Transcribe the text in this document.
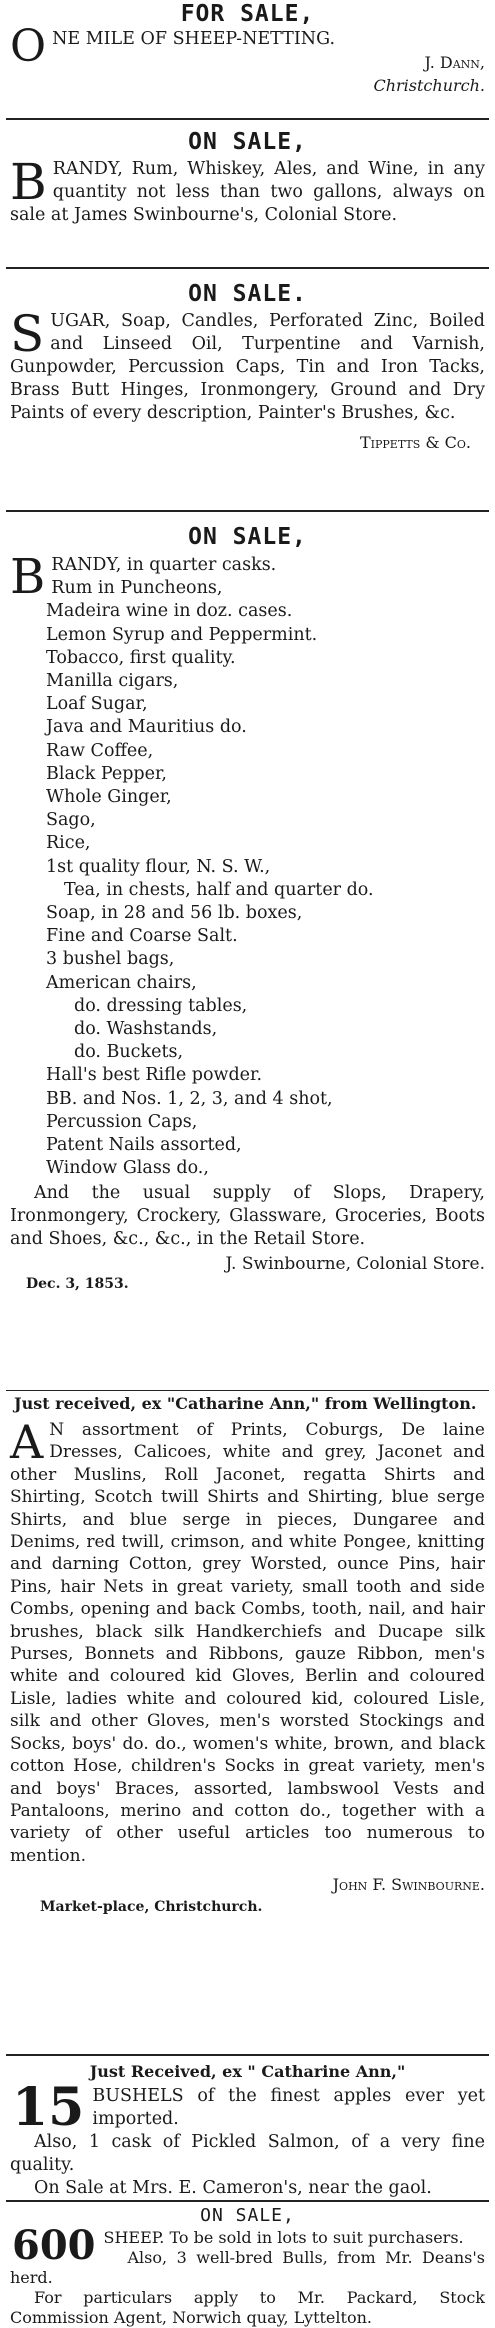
FOR SALE,
O NE MILE OF SHEEP-NETTING.
J. Dann,
Christchurch.
ON SALE,
B RANDY, Rum, Whiskey, Ales, and Wine, in any quantity not less than two gallons, always on sale at James Swinbourne's, Colonial Store.
ON SALE.
S UGAR, Soap, Candles, Perforated Zinc, Boiled and Linseed Oil, Turpentine and Varnish, Gunpowder, Percussion Caps, Tin and Iron Tacks, Brass Butt Hinges, Ironmongery, Ground and Dry Paints of every description, Painter's Brushes, &c.
Tippetts & Co.
ON SALE,
B RANDY, in quarter casks.
Rum in Puncheons,
Madeira wine in doz. cases.
Lemon Syrup and Peppermint.
Tobacco, first quality.
Manilla cigars,
Loaf Sugar,
Java and Mauritius do.
Raw Coffee,
Black Pepper,
Whole Ginger,
Sago,
Rice,
1st quality flour, N. S. W.,
Tea, in chests, half and quarter do.
Soap, in 28 and 56 lb. boxes,
Fine and Coarse Salt.
3 bushel bags,
American chairs,
do. dressing tables,
do. Washstands,
do. Buckets,
Hall's best Rifle powder.
BB. and Nos. 1, 2, 3, and 4 shot,
Percussion Caps,
Patent Nails assorted,
Window Glass do.,
And the usual supply of Slops, Drapery, Ironmongery, Crockery, Glassware, Groceries, Boots and Shoes, &c., &c., in the Retail Store.
J. Swinbourne, Colonial Store.
Dec. 3, 1853.
Just received, ex "Catharine Ann," from Wellington.
A N assortment of Prints, Coburgs, De laine Dresses, Calicoes, white and grey, Jaconet and other Muslins, Roll Jaconet, regatta Shirts and Shirting, Scotch twill Shirts and Shirting, blue serge Shirts, and blue serge in pieces, Dungaree and Denims, red twill, crimson, and white Pongee, knitting and darning Cotton, grey Worsted, ounce Pins, hair Pins, hair Nets in great variety, small tooth and side Combs, opening and back Combs, tooth, nail, and hair brushes, black silk Handkerchiefs and Ducape silk Purses, Bonnets and Ribbons, gauze Ribbon, men's white and coloured kid Gloves, Berlin and coloured Lisle, ladies white and coloured kid, coloured Lisle, silk and other Gloves, men's worsted Stockings and Socks, boys' do. do., women's white, brown, and black cotton Hose, children's Socks in great variety, men's and boys' Braces, assorted, lambswool Vests and Pantaloons, merino and cotton do., together with a variety of other useful articles too numerous to mention.
John F. Swinbourne.
Market-place, Christchurch.
Just Received, ex " Catharine Ann,"
15 BUSHELS of the finest apples ever yet imported.
Also, 1 cask of Pickled Salmon, of a very fine quality.
On Sale at Mrs. E. Cameron's, near the gaol.
ON SALE,
600 SHEEP. To be sold in lots to suit purchasers.
Also, 3 well-bred Bulls, from Mr. Deans's herd.
For particulars apply to Mr. Packard, Stock Commission Agent, Norwich quay, Lyttelton.
